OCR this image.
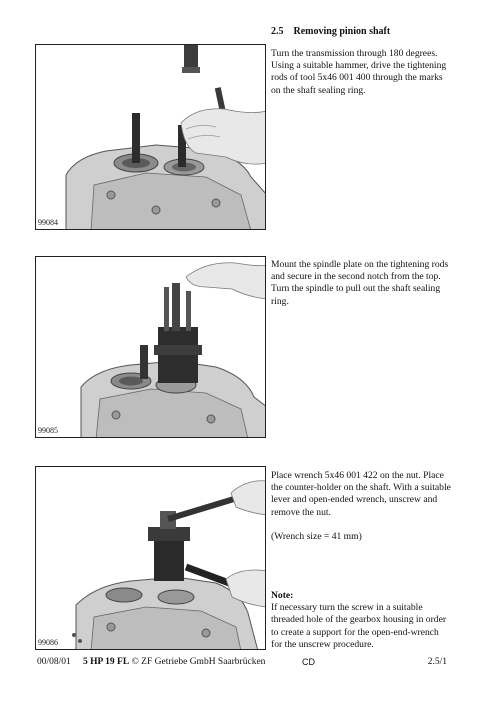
2.5 Removing pinion shaft
99084

Turn the transmission through 180 degrees.

Using a suitable hammer, drive the tightening rods of tool 5x46 001 400 through the marks on the shaft sealing ring.

99085

Mount the spindle plate on the tightening rods and secure in the second notch from the top.

Turn the spindle to pull out the shaft sealing ring.

99086

Place wrench 5x46 001 422 on the nut. Place the counter-holder on the shaft. With a suitable lever and open-ended wrench, unscrew and remove the nut.

(Wrench size = 41 mm)

Note:

If necessary turn the screw in a suitable threaded hole of the gearbox housing in order to create a support for the open-end-wrench for the unscrew procedure.

00/08/01 5 HP 19 FL © ZF Getriebe GmbH Saarbrücken	CD	2.5/1
